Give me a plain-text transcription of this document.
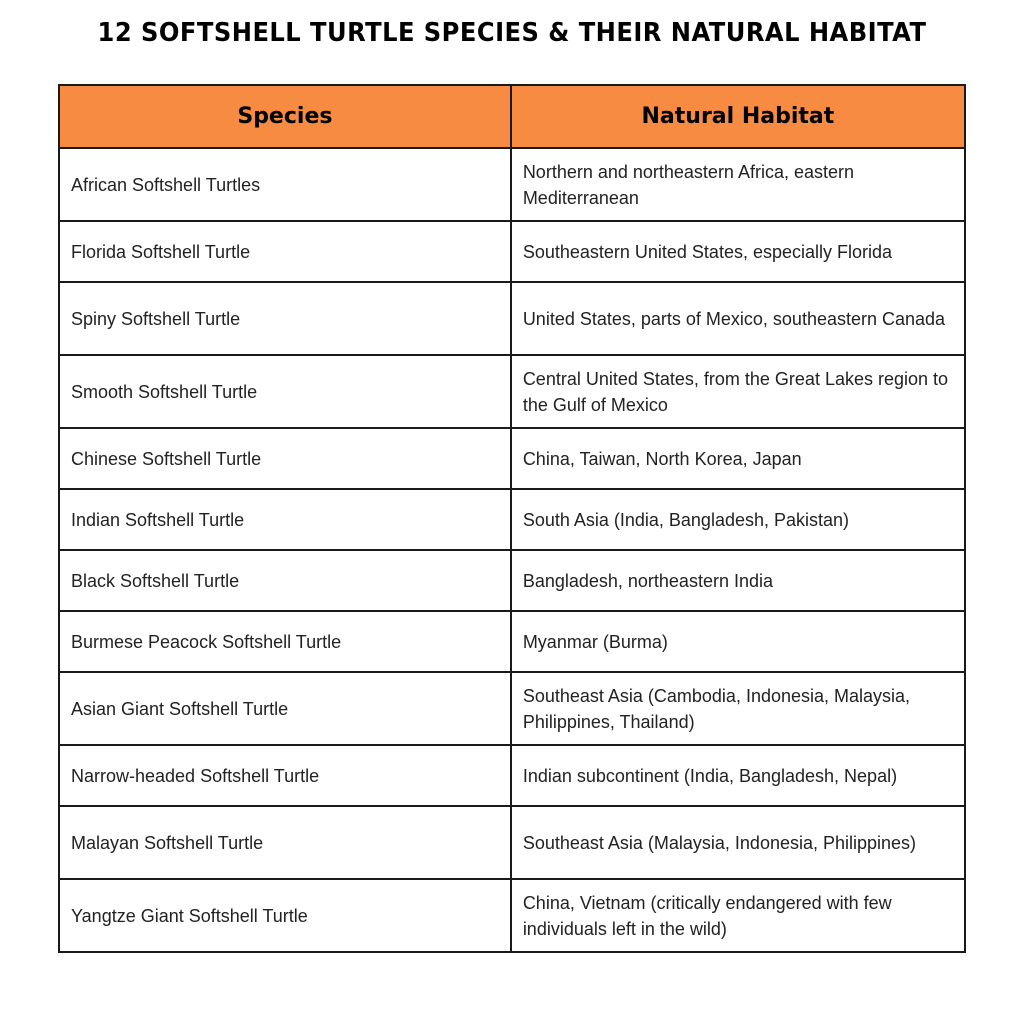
12 SOFTSHELL TURTLE SPECIES & THEIR NATURAL HABITAT
Species	Natural Habitat
African Softshell Turtles	Northern and northeastern Africa, eastern Mediterranean
Florida Softshell Turtle	Southeastern United States, especially Florida
Spiny Softshell Turtle	United States, parts of Mexico, southeastern Canada
Smooth Softshell Turtle	Central United States, from the Great Lakes region to the Gulf of Mexico
Chinese Softshell Turtle	China, Taiwan, North Korea, Japan
Indian Softshell Turtle	South Asia (India, Bangladesh, Pakistan)
Black Softshell Turtle	Bangladesh, northeastern India
Burmese Peacock Softshell Turtle	Myanmar (Burma)
Asian Giant Softshell Turtle	Southeast Asia (Cambodia, Indonesia, Malaysia, Philippines, Thailand)
Narrow-headed Softshell Turtle	Indian subcontinent (India, Bangladesh, Nepal)
Malayan Softshell Turtle	Southeast Asia (Malaysia, Indonesia, Philippines)
Yangtze Giant Softshell Turtle	China, Vietnam (critically endangered with few individuals left in the wild)
